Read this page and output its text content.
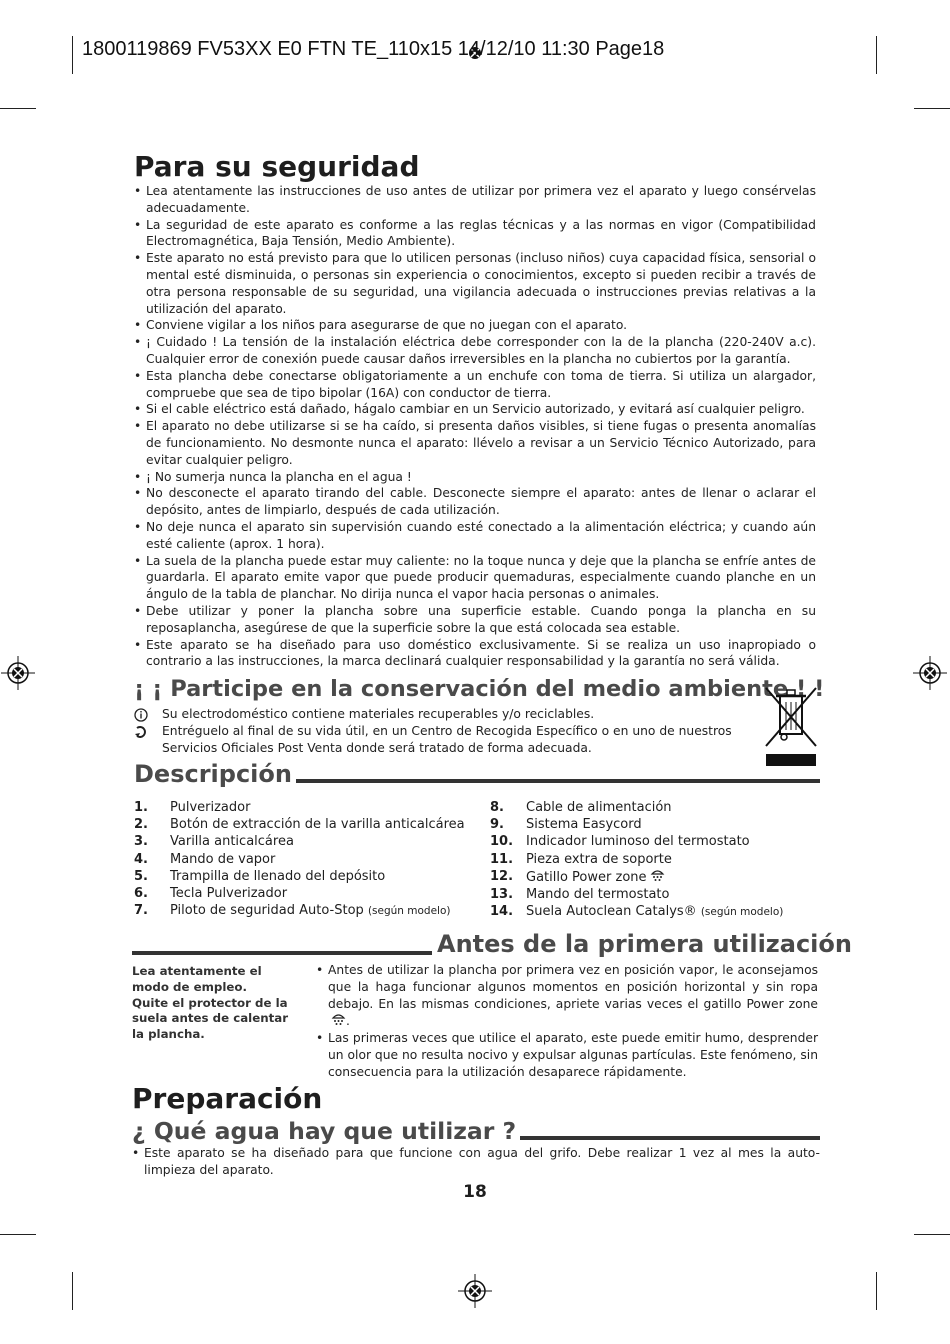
1800119869 FV53XX E0 FTN TE_110x15 14/12/10 11:30 Page18
Para su seguridad
• Lea atentamente las instrucciones de uso antes de utilizar por primera vez el aparato y luego consérvelas adecuadamente.
• La seguridad de este aparato es conforme a las reglas técnicas y a las normas en vigor (Compatibilidad Electromagnética, Baja Tensión, Medio Ambiente).
• Este aparato no está previsto para que lo utilicen personas (incluso niños) cuya capacidad física, sensorial o mental esté disminuida, o personas sin experiencia o conocimientos, excepto si pueden recibir a través de otra persona responsable de su seguridad, una vigilancia adecuada o instrucciones previas relativas a la utilización del aparato.
• Conviene vigilar a los niños para asegurarse de que no juegan con el aparato.
• ¡ Cuidado ! La tensión de la instalación eléctrica debe corresponder con la de la plancha (220-240V a.c). Cualquier error de conexión puede causar daños irreversibles en la plancha no cubiertos por la garantía.
• Esta plancha debe conectarse obligatoriamente a un enchufe con toma de tierra. Si utiliza un alargador, compruebe que sea de tipo bipolar (16A) con conductor de tierra.
• Si el cable eléctrico está dañado, hágalo cambiar en un Servicio autorizado, y evitará así cualquier peligro.
• El aparato no debe utilizarse si se ha caído, si presenta daños visibles, si tiene fugas o presenta anomalías de funcionamiento. No desmonte nunca el aparato: llévelo a revisar a un Servicio Técnico Autorizado, para evitar cualquier peligro.
• ¡ No sumerja nunca la plancha en el agua !
• No desconecte el aparato tirando del cable. Desconecte siempre el aparato: antes de llenar o aclarar el depósito, antes de limpiarlo, después de cada utilización.
• No deje nunca el aparato sin supervisión cuando esté conectado a la alimentación eléctrica; y cuando aún esté caliente (aprox. 1 hora).
• La suela de la plancha puede estar muy caliente: no la toque nunca y deje que la plancha se enfríe antes de guardarla. El aparato emite vapor que puede producir quemaduras, especialmente cuando planche en un ángulo de la tabla de planchar. No dirija nunca el vapor hacia personas o animales.
• Debe utilizar y poner la plancha sobre una superficie estable. Cuando ponga la plancha en su reposaplancha, asegúrese de que la superficie sobre la que está colocada sea estable.
• Este aparato se ha diseñado para uso doméstico exclusivamente. Si se realiza un uso inapropiado o contrario a las instrucciones, la marca declinará cualquier responsabilidad y la garantía no será válida.
¡ ¡ Participe en la conservación del medio ambiente ! !
Su electrodoméstico contiene materiales recuperables y/o reciclables.
Entréguelo al final de su vida útil, en un Centro de Recogida Específico o en uno de nuestros
Servicios Oficiales Post Venta donde será tratado de forma adecuada.
Descripción
1.	Pulverizador
2.	Botón de extracción de la varilla anticalcárea
3.	Varilla anticalcárea
4.	Mando de vapor
5.	Trampilla de llenado del depósito
6.	Tecla Pulverizador
7.	Piloto de seguridad Auto-Stop (según modelo)
8.	Cable de alimentación
9.	Sistema Easycord
10. Indicador luminoso del termostato
11. Pieza extra de soporte
12. Gatillo Power zone
13. Mando del termostato
14. Suela Autoclean Catalys® (según modelo)
Antes de la primera utilización
Lea atentamente el modo de empleo.
Quite el protector de la suela antes de calentar la plancha.
• Antes de utilizar la plancha por primera vez en posición vapor, le aconsejamos que la haga funcionar algunos momentos en posición horizontal y sin ropa debajo. En las mismas condiciones, apriete varias veces el gatillo Power zone.
• Las primeras veces que utilice el aparato, este puede emitir humo, desprender un olor que no resulta nocivo y expulsar algunas partículas. Este fenómeno, sin consecuencia para la utilización desaparece rápidamente.
Preparación
¿ Qué agua hay que utilizar ?
• Este aparato se ha diseñado para que funcione con agua del grifo. Debe realizar 1 vez al mes la auto-limpieza del aparato.
18
